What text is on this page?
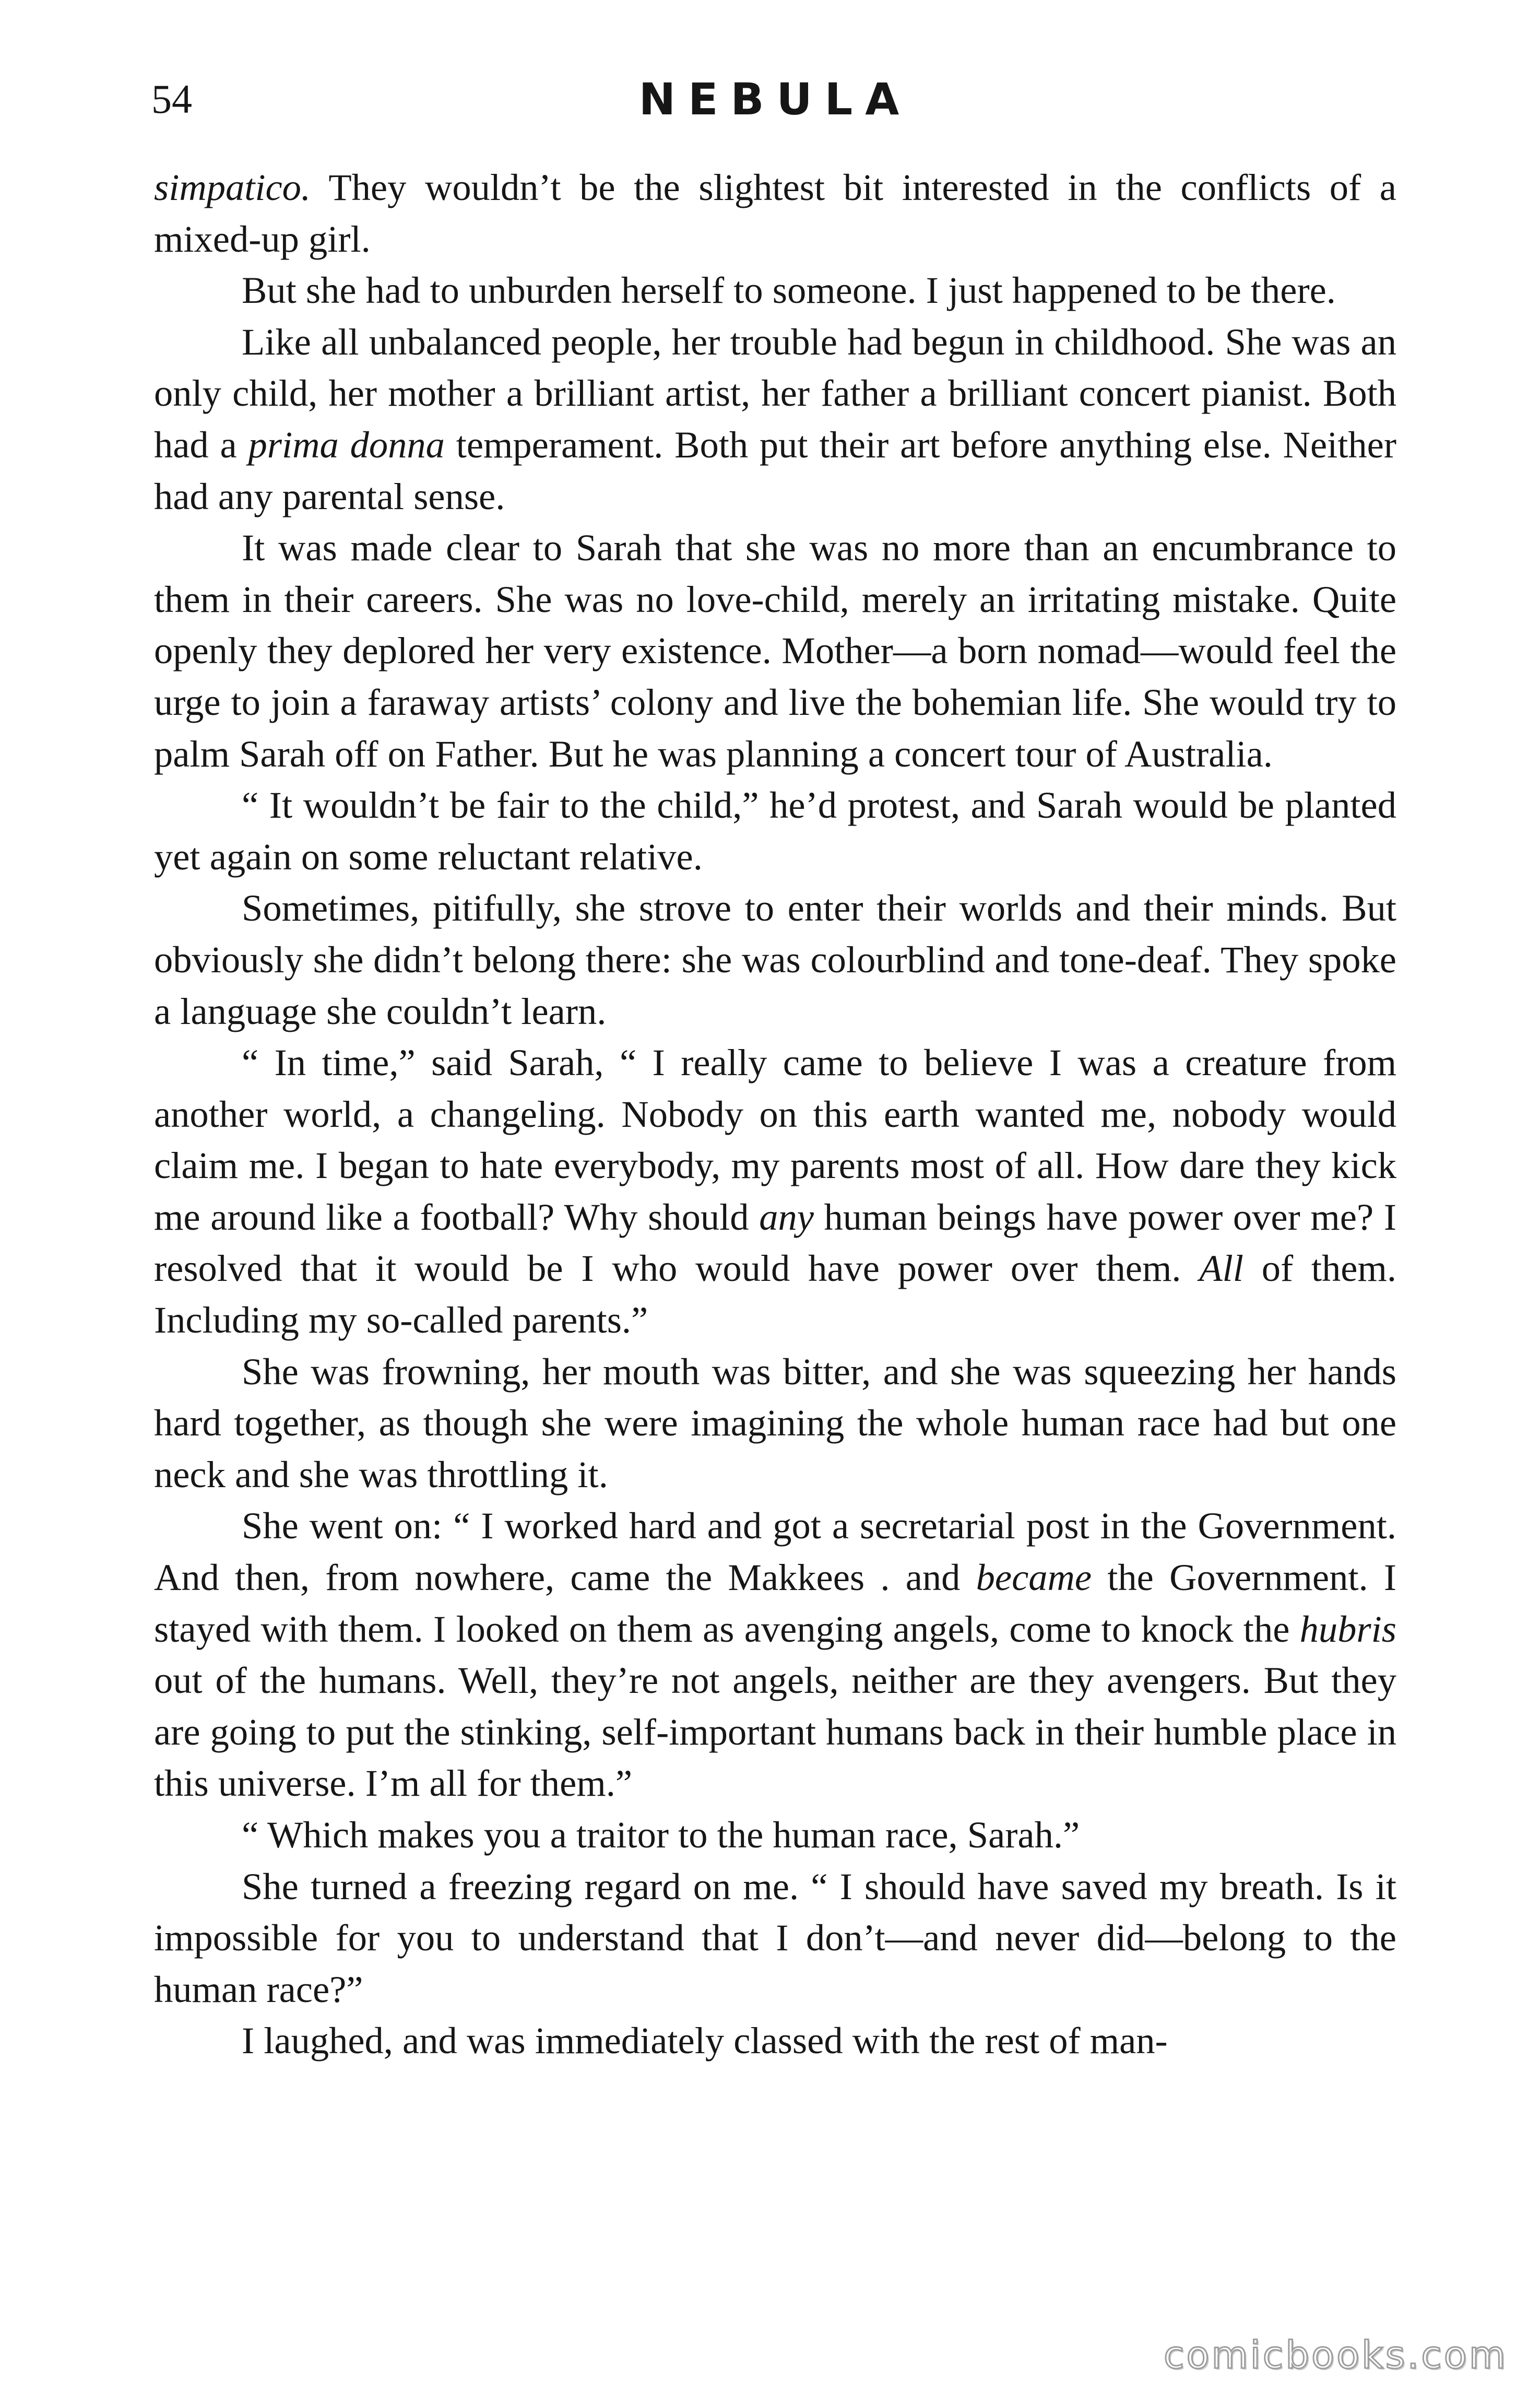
54	NEBULA

simpatico. They wouldn’t be the slightest bit interested in the conflicts of a mixed-up girl.

But she had to unburden herself to someone. I just happened to be there.

Like all unbalanced people, her trouble had begun in childhood. She was an only child, her mother a brilliant artist, her father a brilliant concert pianist. Both had a prima donna temperament. Both put their art before anything else. Neither had any parental sense.

It was made clear to Sarah that she was no more than an encumbrance to them in their careers. She was no love-child, merely an irritating mistake. Quite openly they deplored her very existence. Mother—a born nomad—would feel the urge to join a faraway artists’ colony and live the bohemian life. She would try to palm Sarah off on Father. But he was planning a concert tour of Australia.

“ It wouldn’t be fair to the child,” he’d protest, and Sarah would be planted yet again on some reluctant relative.

Sometimes, pitifully, she strove to enter their worlds and their minds. But obviously she didn’t belong there: she was colourblind and tone-deaf. They spoke a language she couldn’t learn.

“ In time,” said Sarah, “ I really came to believe I was a creature from another world, a changeling. Nobody on this earth wanted me, nobody would claim me. I began to hate everybody, my parents most of all. How dare they kick me around like a football? Why should any human beings have power over me? I resolved that it would be I who would have power over them. All of them. Including my so-called parents.”

She was frowning, her mouth was bitter, and she was squeezing her hands hard together, as though she were imagining the whole human race had but one neck and she was throttling it.

She went on: “ I worked hard and got a secretarial post in the Government. And then, from nowhere, came the Makkees . and became the Government. I stayed with them. I looked on them as avenging angels, come to knock the hubris out of the humans. Well, they’re not angels, neither are they avengers. But they are going to put the stinking, self-important humans back in their humble place in this universe. I’m all for them.”

“ Which makes you a traitor to the human race, Sarah.”

She turned a freezing regard on me. “ I should have saved my breath. Is it impossible for you to understand that I don’t—and never did—belong to the human race?”

I laughed, and was immediately classed with the rest of man-

comicbooks.com
